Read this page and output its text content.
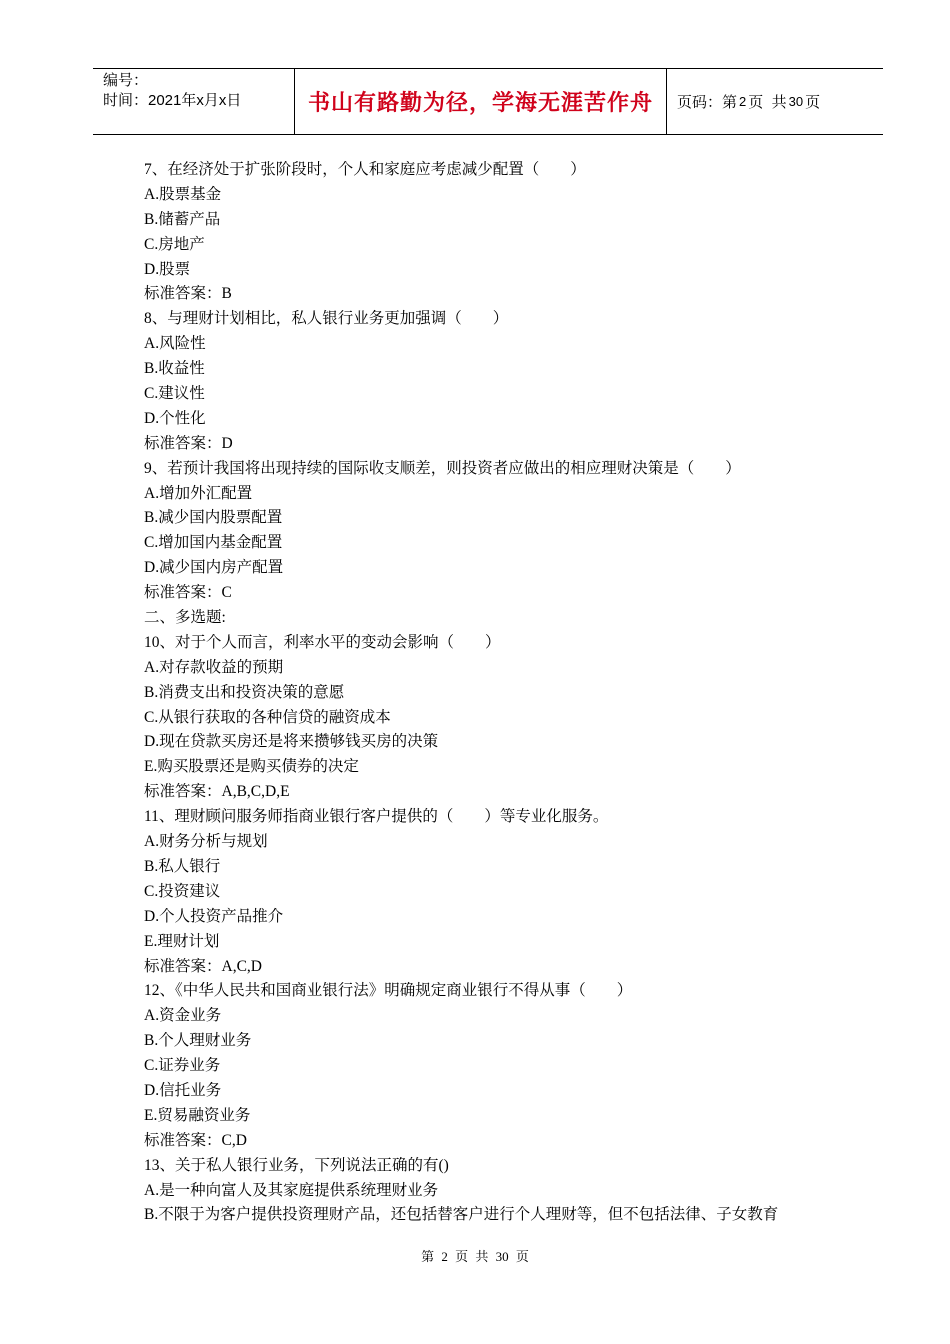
编号：
时间：2021年x月x日	书山有路勤为径，学海无涯苦作舟	页码：第 2 页  共 30 页
7、在经济处于扩张阶段时，个人和家庭应考虑减少配置（　　）
A.股票基金
B.储蓄产品
C.房地产
D.股票
标准答案：B
8、与理财计划相比，私人银行业务更加强调（　　）
A.风险性
B.收益性
C.建议性
D.个性化
标准答案：D
9、若预计我国将出现持续的国际收支顺差，则投资者应做出的相应理财决策是（　　）
A.增加外汇配置
B.减少国内股票配置
C.增加国内基金配置
D.减少国内房产配置
标准答案：C
二、多选题:
10、对于个人而言，利率水平的变动会影响（　　）
A.对存款收益的预期
B.消费支出和投资决策的意愿
C.从银行获取的各种信贷的融资成本
D.现在贷款买房还是将来攒够钱买房的决策
E.购买股票还是购买债券的决定
标准答案：A,B,C,D,E
11、理财顾问服务师指商业银行客户提供的（　　）等专业化服务。
A.财务分析与规划
B.私人银行
C.投资建议
D.个人投资产品推介
E.理财计划
标准答案：A,C,D
12、《中华人民共和国商业银行法》明确规定商业银行不得从事（　　）
A.资金业务
B.个人理财业务
C.证券业务
D.信托业务
E.贸易融资业务
标准答案：C,D
13、关于私人银行业务，下列说法正确的有()
A.是一种向富人及其家庭提供系统理财业务
B.不限于为客户提供投资理财产品，还包括替客户进行个人理财等，但不包括法律、子女教育
第 2 页 共 30 页
